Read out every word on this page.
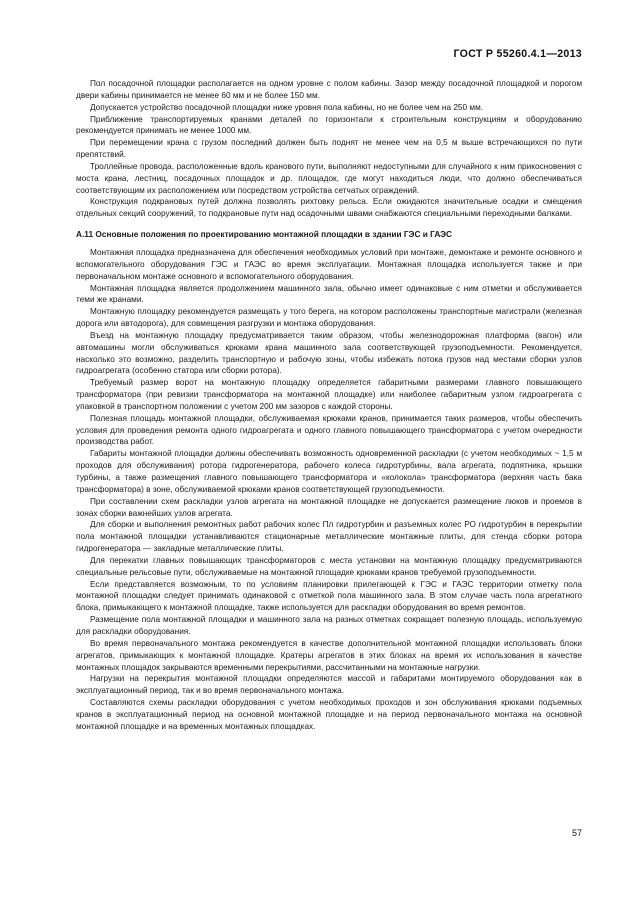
ГОСТ Р 55260.4.1—2013

Пол посадочной площадки располагается на одном уровне с полом кабины. Зазор между посадочной площадкой и порогом двери кабины принимается не менее 60 мм и не более 150 мм.

Допускается устройство посадочной площадки ниже уровня пола кабины, но не более чем на 250 мм.

Приближение транспортируемых кранами деталей по горизонтали к строительным конструкциям и оборудованию рекомендуется принимать не менее 1000 мм.

При перемещении крана с грузом последний должен быть поднят не менее чем на 0,5 м выше встречающихся по пути препятствий.

Троллейные провода, расположенные вдоль кранового пути, выполняют недоступными для случайного к ним прикосновения с моста крана, лестниц, посадочных площадок и др. площадок, где могут находиться люди, что должно обеспечиваться соответствующим их расположением или посредством устройства сетчатых ограждений.

Конструкция подкрановых путей должна позволять рихтовку рельса. Если ожидаются значительные осадки и смещения отдельных секций сооружений, то подкрановые пути над осадочными швами снабжаются специальными переходными балками.

А.11 Основные положения по проектированию монтажной площадки в здании ГЭС и ГАЭС

Монтажная площадка предназначена для обеспечения необходимых условий при монтаже, демонтаже и ремонте основного и вспомогательного оборудования ГЭС и ГАЭС во время эксплуатации. Монтажная площадка используется также и при первоначальном монтаже основного и вспомогательного оборудования.

Монтажная площадка является продолжением машинного зала, обычно имеет одинаковые с ним отметки и обслуживается теми же кранами.

Монтажную площадку рекомендуется размещать у того берега, на котором расположены транспортные магистрали (железная дорога или автодорога), для совмещения разгрузки и монтажа оборудования.

Въезд на монтажную площадку предусматривается таким образом, чтобы железнодорожная платформа (вагон) или автомашины могли обслуживаться крюками крана машинного зала соответствующей грузоподъемности. Рекомендуется, насколько это возможно, разделить транспортную и рабочую зоны, чтобы избежать потока грузов над местами сборки узлов гидроагрегата (особенно статора или сборки ротора).

Требуемый размер ворот на монтажную площадку определяется габаритными размерами главного повышающего трансформатора (при ревизии трансформатора на монтажной площадке) или наиболее габаритным узлом гидроагрегата с упаковкой в транспортном положении с учетом 200 мм зазоров с каждой стороны.

Полезная площадь монтажной площадки, обслуживаемая крюками кранов, принимается таких размеров, чтобы обеспечить условия для проведения ремонта одного гидроагрегата и одного главного повышающего трансформатора с учетом очередности производства работ.

Габариты монтажной площадки должны обеспечивать возможность одновременной раскладки (с учетом необходимых ~ 1,5 м проходов для обслуживания) ротора гидрогенератора, рабочего колеса гидротурбины, вала агрегата, подпятника, крышки турбины, а также размещения главного повышающего трансформатора и «колокола» трансформатора (верхняя часть бака трансформатора) в зоне, обслуживаемой крюками кранов соответствующей грузоподъемности.

При составлении схем раскладки узлов агрегата на монтажной площадке не допускается размещение люков и проемов в зонах сборки важнейших узлов агрегата.

Для сборки и выполнения ремонтных работ рабочих колес Пл гидротурбин и разъемных колес РО гидротурбин в перекрытии пола монтажной площадки устанавливаются стационарные металлические монтажные плиты, для стенда сборки ротора гидрогенератора — закладные металлические плиты.

Для перекатки главных повышающих трансформаторов с места установки на монтажную площадку предусматриваются специальные рельсовые пути, обслуживаемые на монтажной площадке крюками кранов требуемой грузоподъемности.

Если представляется возможным, то по условиям планировки прилегающей к ГЭС и ГАЭС территории отметку пола монтажной площадки следует принимать одинаковой с отметкой пола машинного зала. В этом случае часть пола агрегатного блока, примыкающего к монтажной площадке, также используется для раскладки оборудования во время ремонтов.

Размещение пола монтажной площадки и машинного зала на разных отметках сокращает полезную площадь, используемую для раскладки оборудования.

Во время первоначального монтажа рекомендуется в качестве дополнительной монтажной площадки использовать блоки агрегатов, примыкающих к монтажной площадке. Кратеры агрегатов в этих блоках на время их использования в качестве монтажных площадок закрываются временными перекрытиями, рассчитанными на монтажные нагрузки.

Нагрузки на перекрытия монтажной площадки определяются массой и габаритами монтируемого оборудования как в эксплуатационный период, так и во время первоначального монтажа.

Составляются схемы раскладки оборудования с учетом необходимых проходов и зон обслуживания крюками подъемных кранов в эксплуатационный период на основной монтажной площадке и на период первоначального монтажа на основной монтажной площадке и на временных монтажных площадках.

57
